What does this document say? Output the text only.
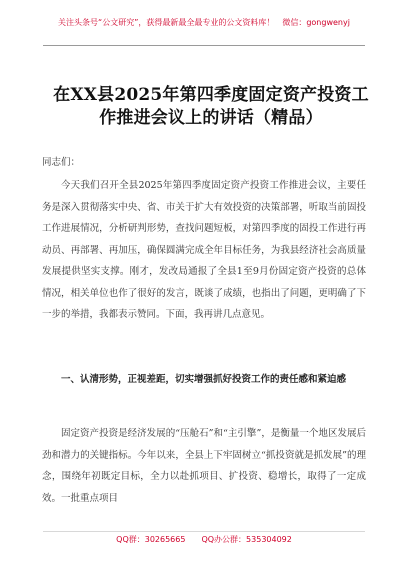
关注头条号“公文研究”，获得最新最全最专业的公文资料库！　微信：gongwenyj
在XX县2025年第四季度固定资产投资工作推进会议上的讲话（精品）
同志们：
今天我们召开全县2025年第四季度固定资产投资工作推进会议，主要任务是深入贯彻落实中央、省、市关于扩大有效投资的决策部署，听取当前固投工作进展情况，分析研判形势，查找问题短板，对第四季度的固投工作进行再动员、再部署、再加压，确保圆满完成全年目标任务，为我县经济社会高质量发展提供坚实支撑。刚才，发改局通报了全县1至9月份固定资产投资的总体情况，相关单位也作了很好的发言，既谈了成绩，也指出了问题，更明确了下一步的举措，我都表示赞同。下面，我再讲几点意见。
一、认清形势，正视差距，切实增强抓好投资工作的责任感和紧迫感
固定资产投资是经济发展的“压舱石”和“主引擎”，是衡量一个地区发展后劲和潜力的关键指标。今年以来，全县上下牢固树立“抓投资就是抓发展”的理念，围绕年初既定目标，全力以赴抓项目、扩投资、稳增长，取得了一定成效。一批重点项目
QQ群：30265665　　QQ办公群：535304092
